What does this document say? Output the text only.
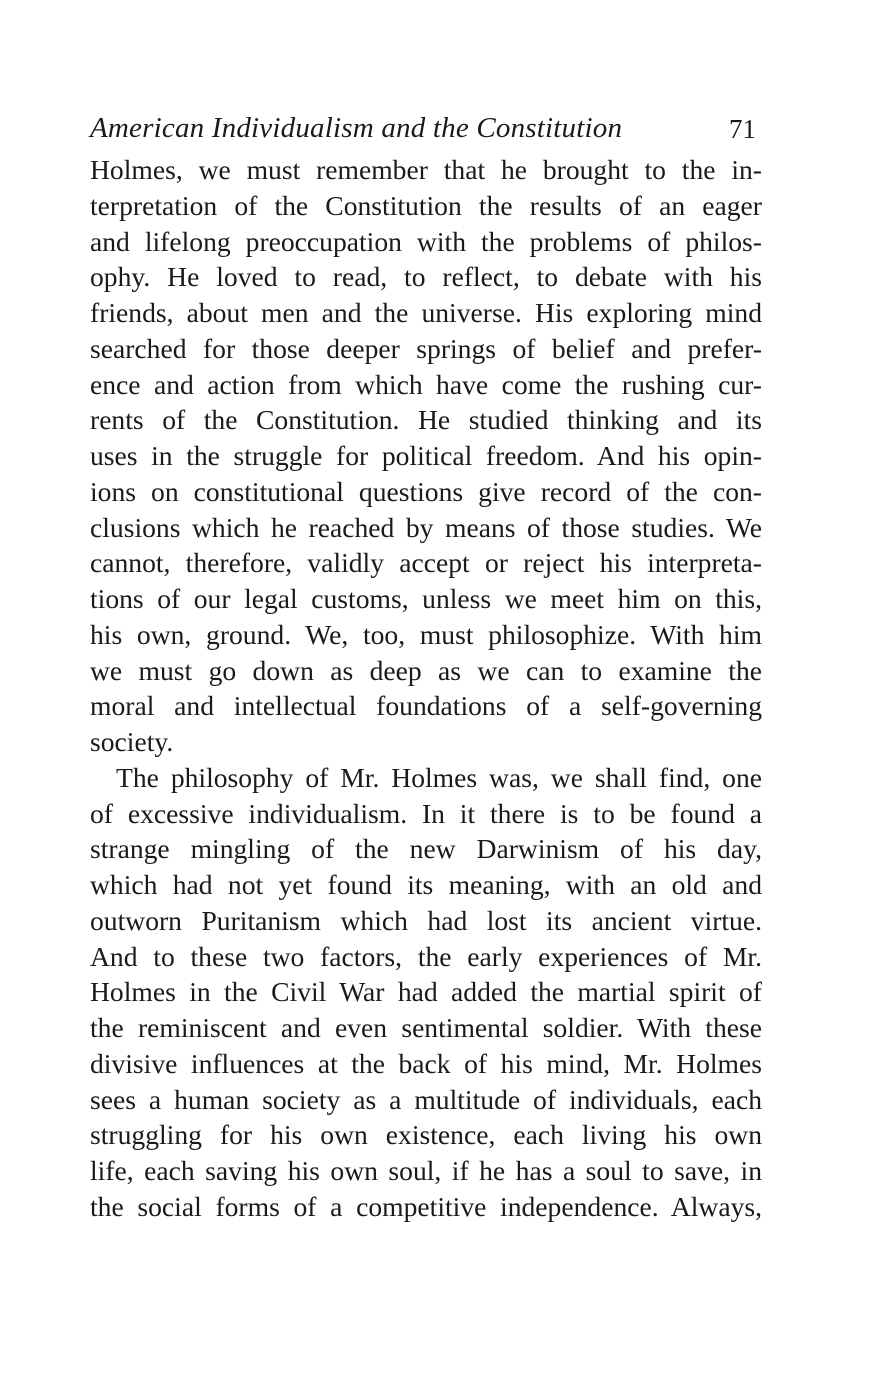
American Individualism and the Constitution	71
Holmes, we must remember that he brought to the in-
terpretation of the Constitution the results of an eager
and lifelong preoccupation with the problems of philos-
ophy. He loved to read, to reflect, to debate with his
friends, about men and the universe. His exploring mind
searched for those deeper springs of belief and prefer-
ence and action from which have come the rushing cur-
rents of the Constitution. He studied thinking and its
uses in the struggle for political freedom. And his opin-
ions on constitutional questions give record of the con-
clusions which he reached by means of those studies. We
cannot, therefore, validly accept or reject his interpreta-
tions of our legal customs, unless we meet him on this,
his own, ground. We, too, must philosophize. With him
we must go down as deep as we can to examine the
moral and intellectual foundations of a self-governing
society.
The philosophy of Mr. Holmes was, we shall find, one
of excessive individualism. In it there is to be found a
strange mingling of the new Darwinism of his day,
which had not yet found its meaning, with an old and
outworn Puritanism which had lost its ancient virtue.
And to these two factors, the early experiences of Mr.
Holmes in the Civil War had added the martial spirit of
the reminiscent and even sentimental soldier. With these
divisive influences at the back of his mind, Mr. Holmes
sees a human society as a multitude of individuals, each
struggling for his own existence, each living his own
life, each saving his own soul, if he has a soul to save, in
the social forms of a competitive independence. Always,
